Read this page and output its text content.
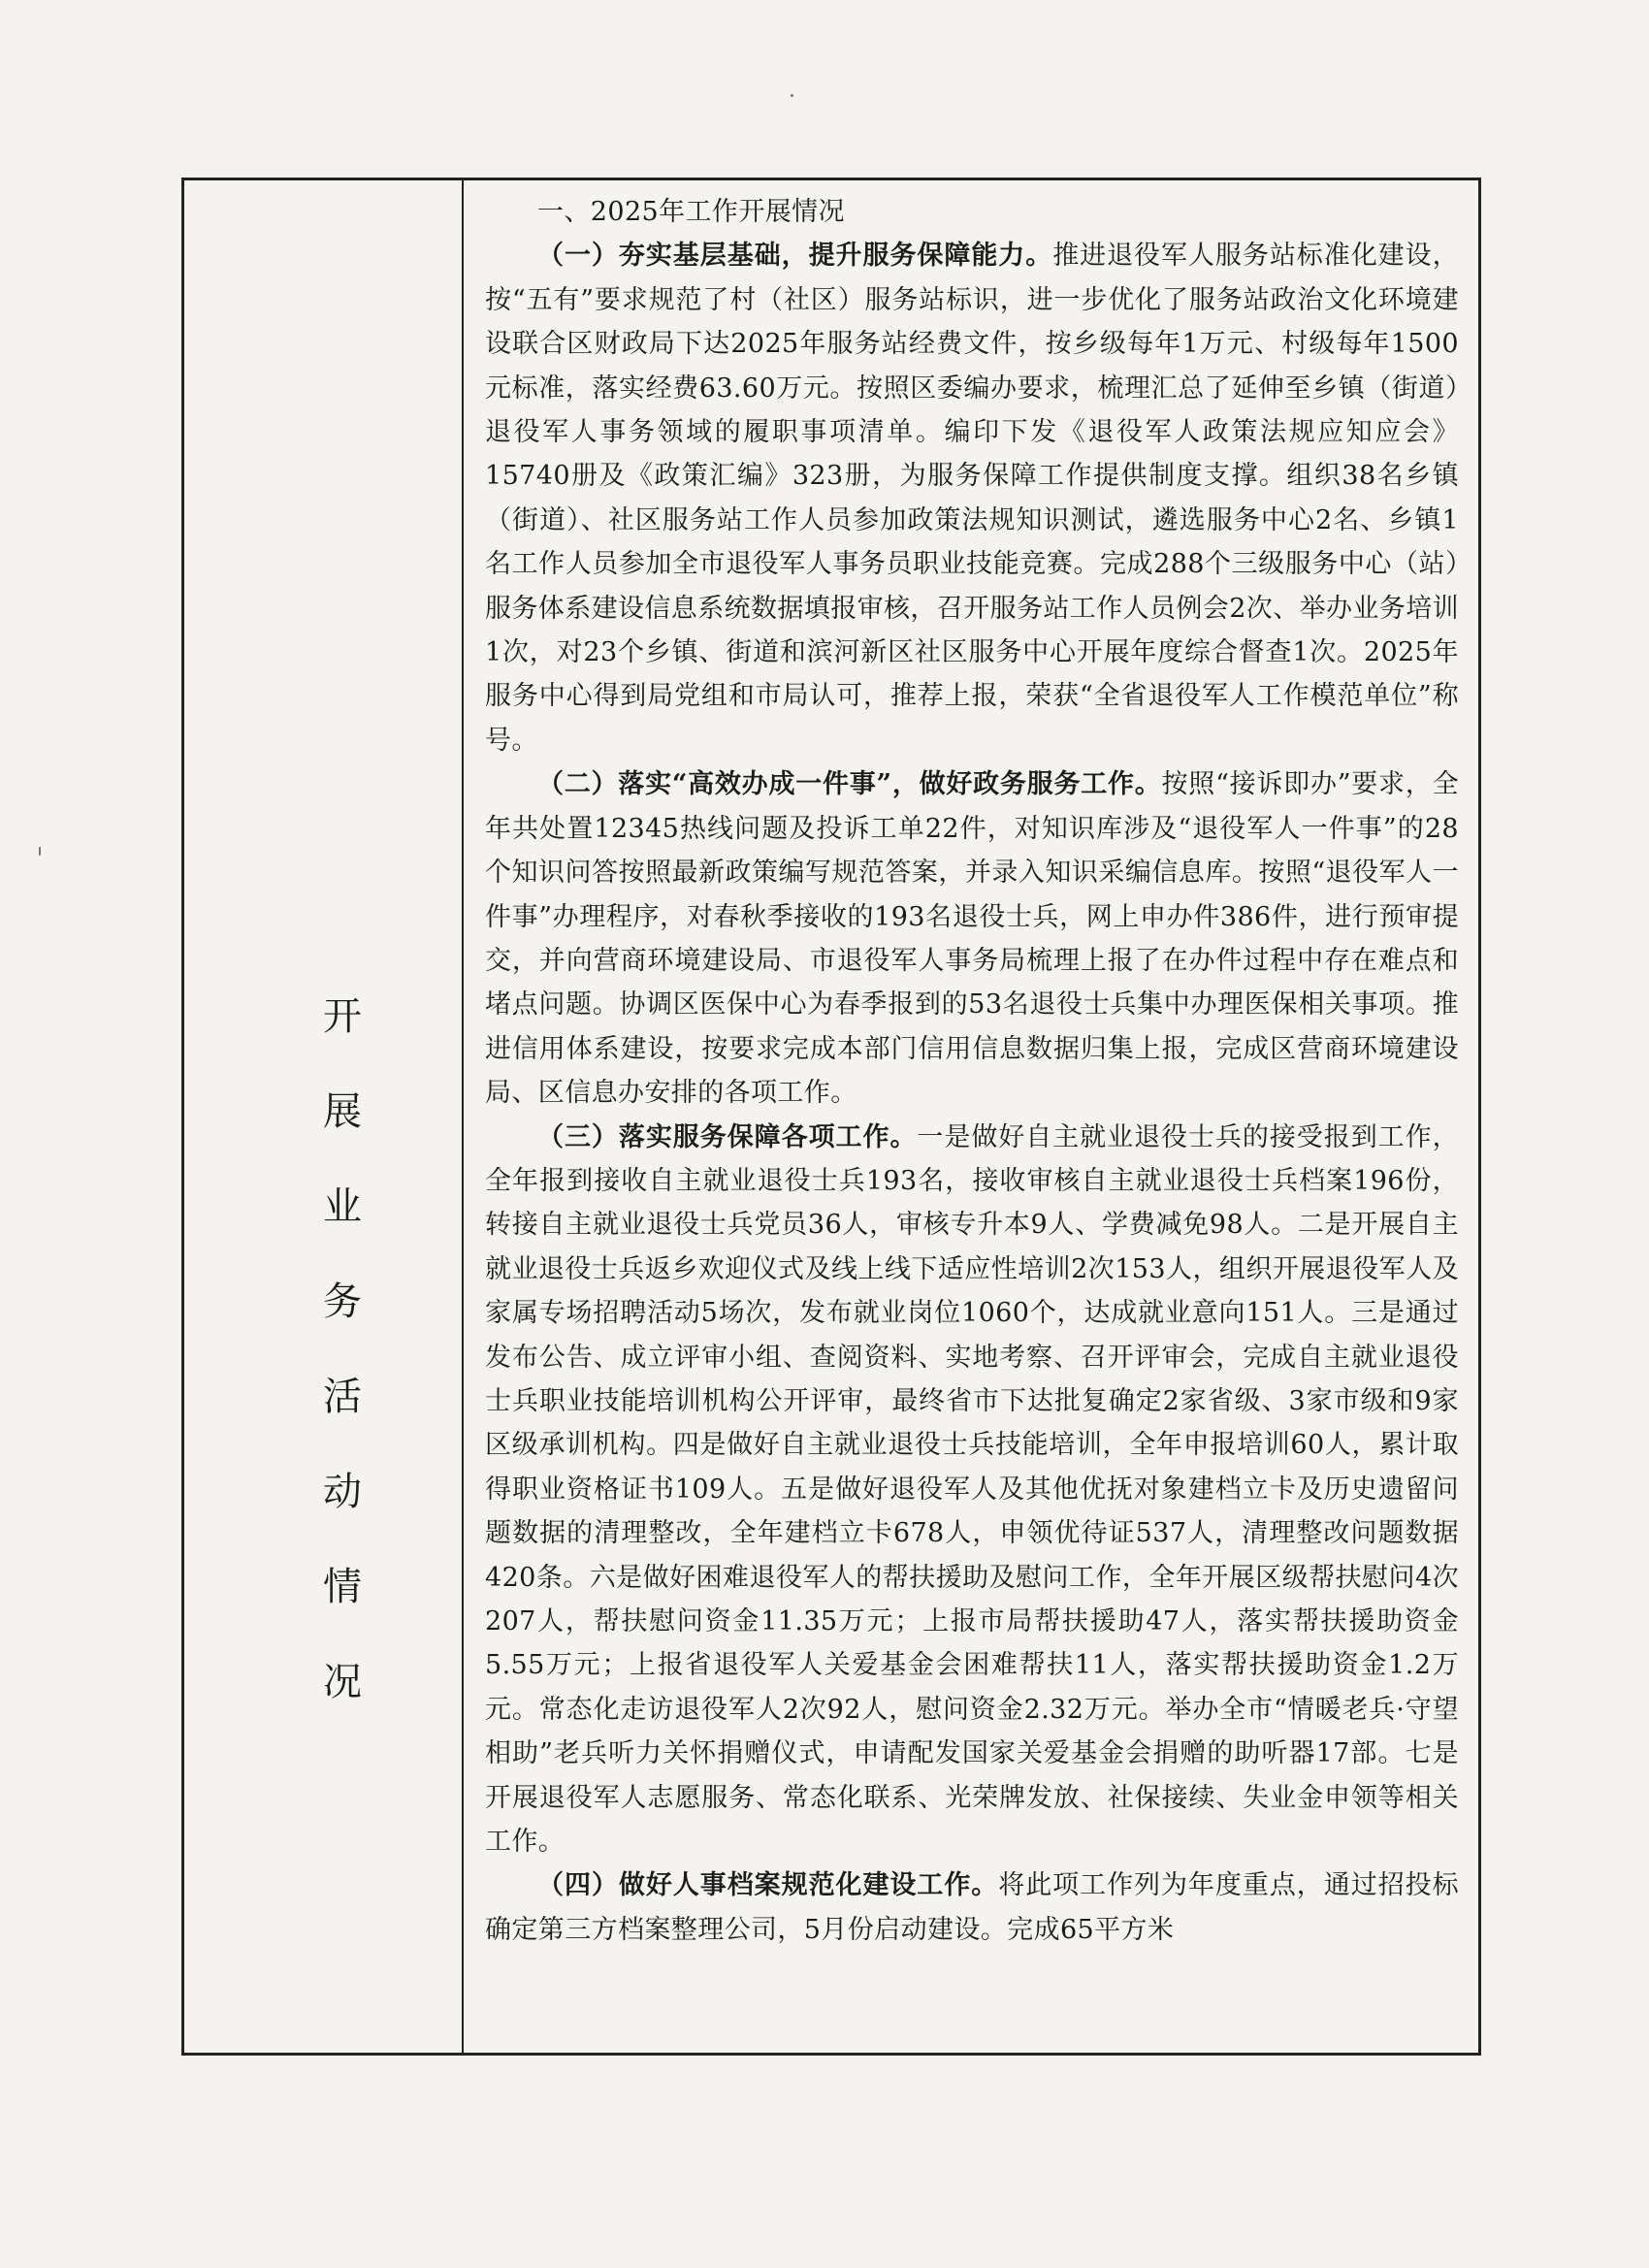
开展业务活动情况

一、2025年工作开展情况

（一）夯实基层基础，提升服务保障能力。推进退役军人服务站标准化建设，按“五有”要求规范了村（社区）服务站标识，进一步优化了服务站政治文化环境建设联合区财政局下达2025年服务站经费文件，按乡级每年1万元、村级每年1500元标准，落实经费63.60万元。按照区委编办要求，梳理汇总了延伸至乡镇（街道）退役军人事务领域的履职事项清单。编印下发《退役军人政策法规应知应会》15740册及《政策汇编》323册，为服务保障工作提供制度支撑。组织38名乡镇（街道）、社区服务站工作人员参加政策法规知识测试，遴选服务中心2名、乡镇1名工作人员参加全市退役军人事务员职业技能竞赛。完成288个三级服务中心（站）服务体系建设信息系统数据填报审核，召开服务站工作人员例会2次、举办业务培训1次，对23个乡镇、街道和滨河新区社区服务中心开展年度综合督查1次。2025年服务中心得到局党组和市局认可，推荐上报，荣获“全省退役军人工作模范单位”称号。

（二）落实“高效办成一件事”，做好政务服务工作。按照“接诉即办”要求，全年共处置12345热线问题及投诉工单22件，对知识库涉及“退役军人一件事”的28个知识问答按照最新政策编写规范答案，并录入知识采编信息库。按照“退役军人一件事”办理程序，对春秋季接收的193名退役士兵，网上申办件386件，进行预审提交，并向营商环境建设局、市退役军人事务局梳理上报了在办件过程中存在难点和堵点问题。协调区医保中心为春季报到的53名退役士兵集中办理医保相关事项。推进信用体系建设，按要求完成本部门信用信息数据归集上报，完成区营商环境建设局、区信息办安排的各项工作。

（三）落实服务保障各项工作。一是做好自主就业退役士兵的接受报到工作，全年报到接收自主就业退役士兵193名，接收审核自主就业退役士兵档案196份，转接自主就业退役士兵党员36人，审核专升本9人、学费减免98人。二是开展自主就业退役士兵返乡欢迎仪式及线上线下适应性培训2次153人，组织开展退役军人及家属专场招聘活动5场次，发布就业岗位1060个，达成就业意向151人。三是通过发布公告、成立评审小组、查阅资料、实地考察、召开评审会，完成自主就业退役士兵职业技能培训机构公开评审，最终省市下达批复确定2家省级、3家市级和9家区级承训机构。四是做好自主就业退役士兵技能培训，全年申报培训60人，累计取得职业资格证书109人。五是做好退役军人及其他优抚对象建档立卡及历史遗留问题数据的清理整改，全年建档立卡678人，申领优待证537人，清理整改问题数据420条。六是做好困难退役军人的帮扶援助及慰问工作，全年开展区级帮扶慰问4次207人，帮扶慰问资金11.35万元；上报市局帮扶援助47人，落实帮扶援助资金5.55万元；上报省退役军人关爱基金会困难帮扶11人，落实帮扶援助资金1.2万元。常态化走访退役军人2次92人，慰问资金2.32万元。举办全市“情暖老兵·守望相助”老兵听力关怀捐赠仪式，申请配发国家关爱基金会捐赠的助听器17部。七是开展退役军人志愿服务、常态化联系、光荣牌发放、社保接续、失业金申领等相关工作。

（四）做好人事档案规范化建设工作。将此项工作列为年度重点，通过招投标确定第三方档案整理公司，5月份启动建设。完成65平方米
